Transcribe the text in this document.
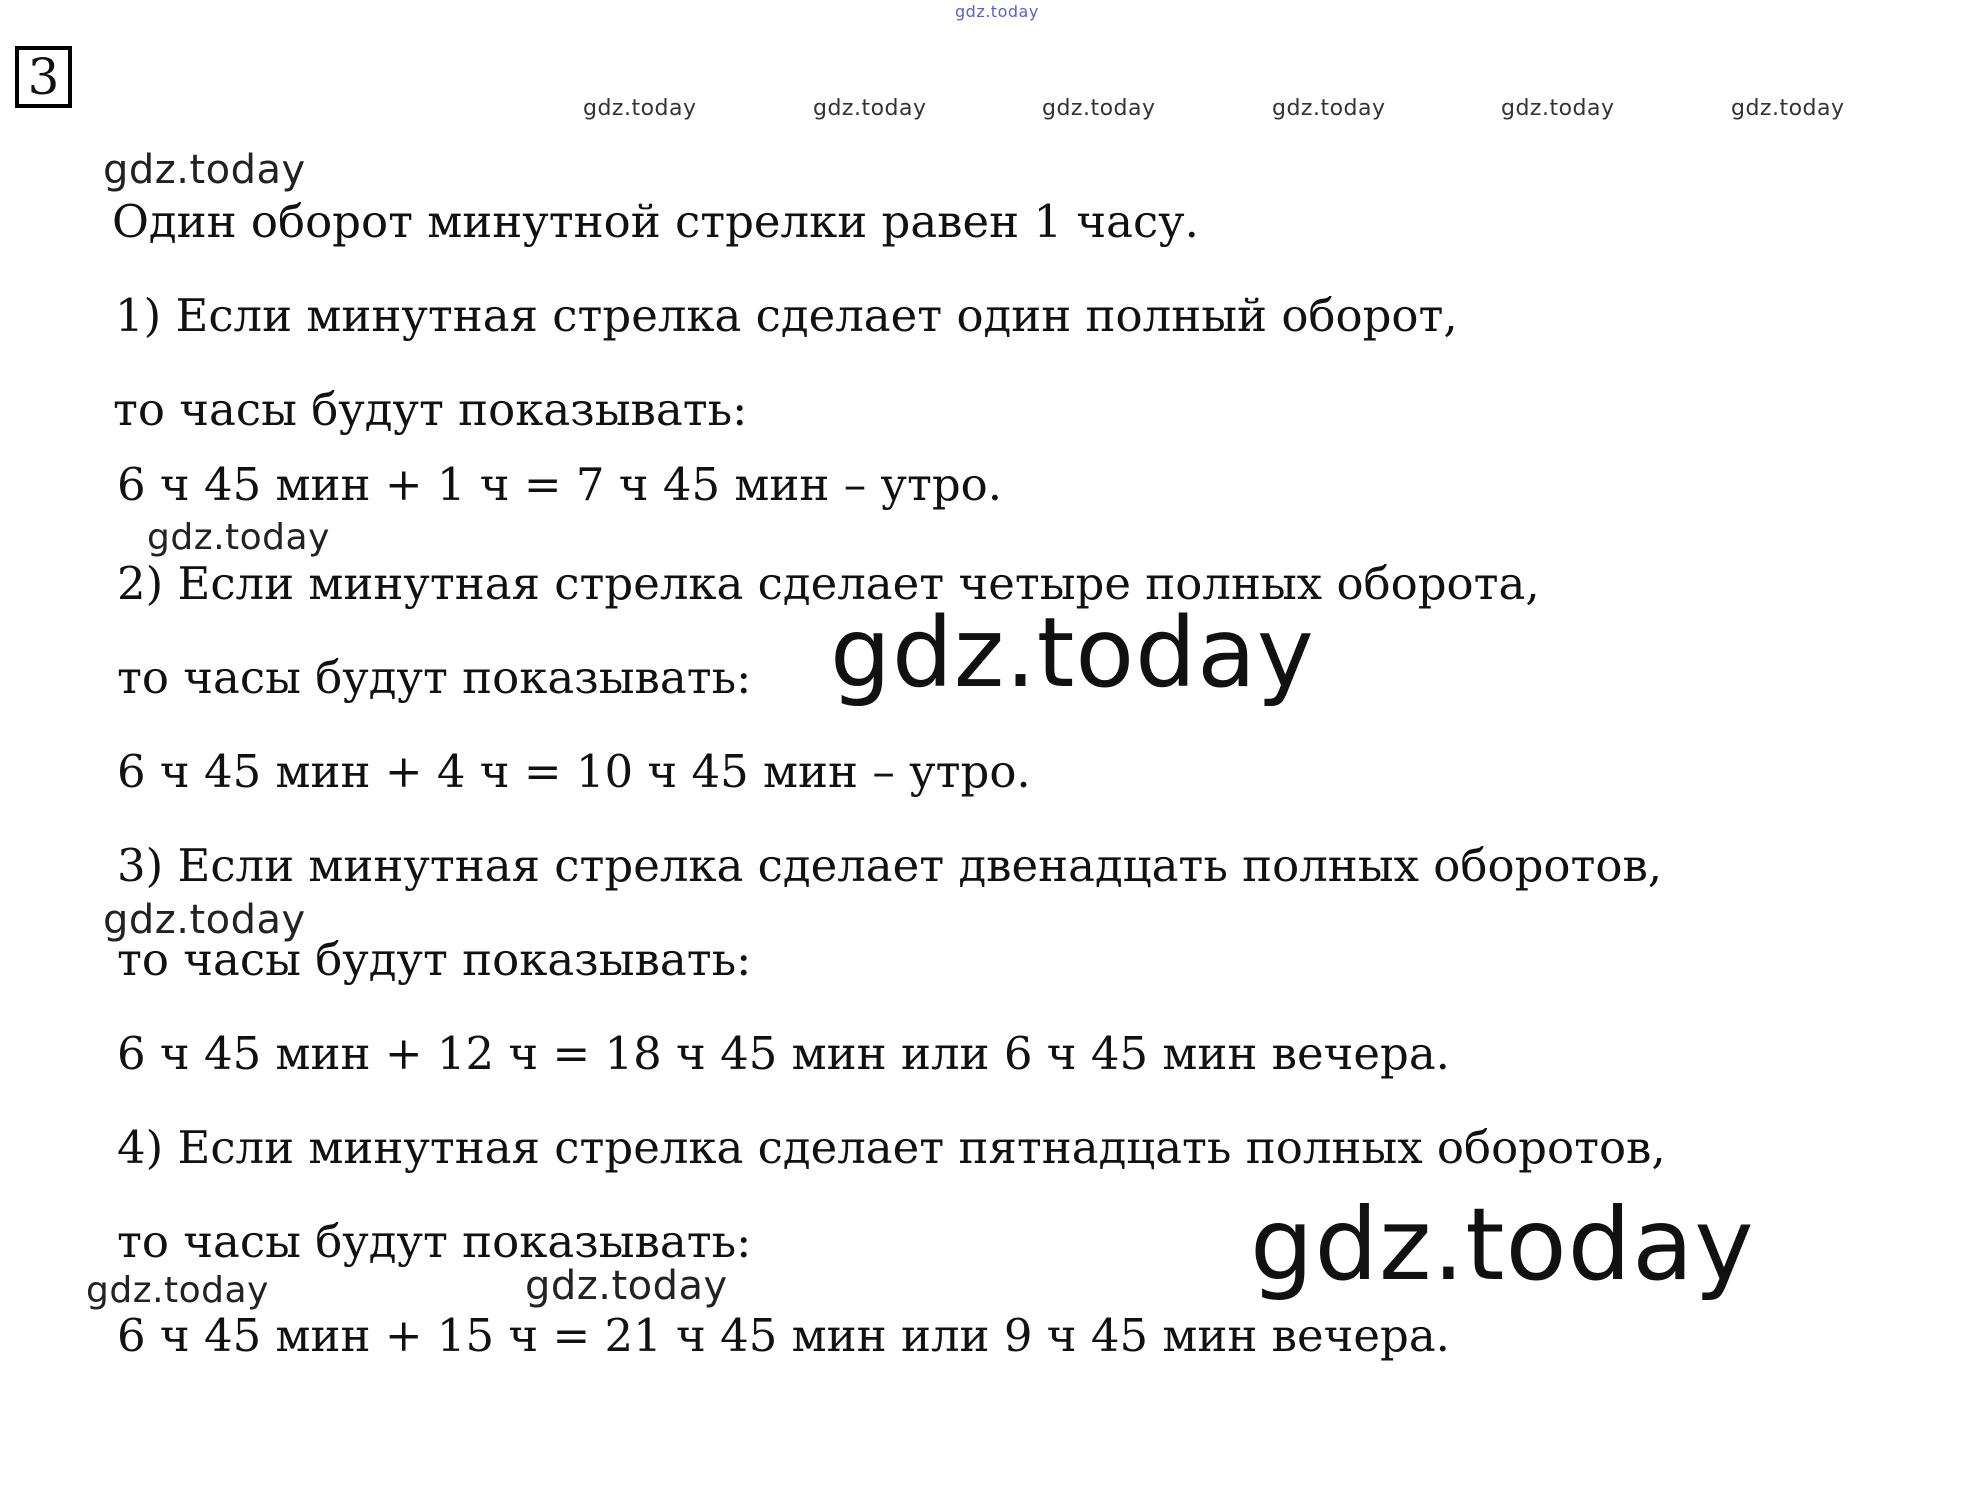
3
gdz.today
gdz.today	gdz.today	gdz.today	gdz.today	gdz.today	gdz.today
gdz.today
gdz.today
gdz.today
gdz.today	gdz.today
Один оборот минутной стрелки равен 1 часу.
1) Если минутная стрелка сделает один полный оборот,
то часы будут показывать:
6 ч 45 мин + 1 ч = 7 ч 45 мин – утро.
2) Если минутная стрелка сделает четыре полных оборота,
то часы будут показывать:
6 ч 45 мин + 4 ч = 10 ч 45 мин – утро.
3) Если минутная стрелка сделает двенадцать полных оборотов,
то часы будут показывать:
6 ч 45 мин + 12 ч = 18 ч 45 мин или 6 ч 45 мин вечера.
4) Если минутная стрелка сделает пятнадцать полных оборотов,
то часы будут показывать:
6 ч 45 мин + 15 ч = 21 ч 45 мин или 9 ч 45 мин вечера.
gdz.today
gdz.today
